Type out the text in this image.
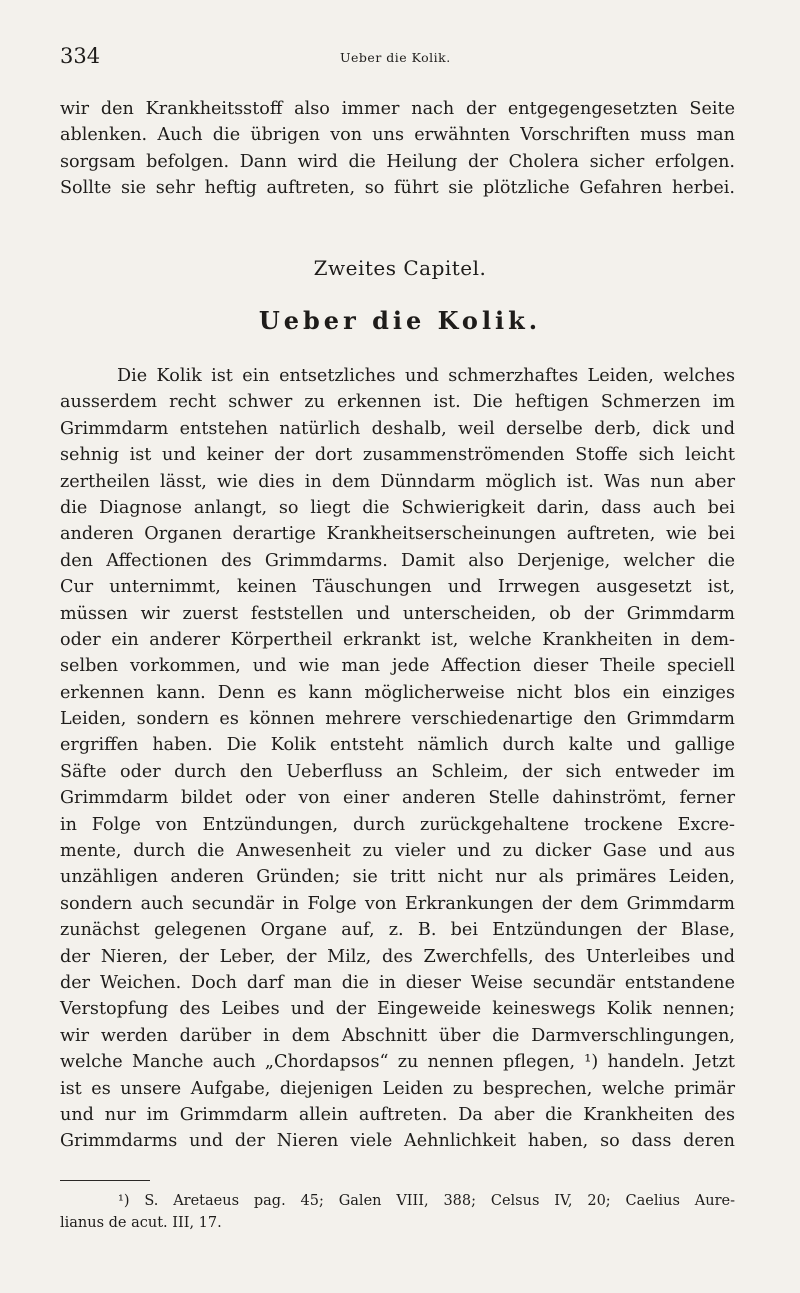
334	Ueber die Kolik.
wir den Krankheitsstoff also immer nach der entgegengesetzten Seite
ablenken. Auch die übrigen von uns erwähnten Vorschriften muss man
sorgsam befolgen. Dann wird die Heilung der Cholera sicher erfolgen.
Sollte sie sehr heftig auftreten, so führt sie plötzliche Gefahren herbei.
Zweites Capitel.
Ueber die Kolik.
Die Kolik ist ein entsetzliches und schmerzhaftes Leiden, welches
ausserdem recht schwer zu erkennen ist. Die heftigen Schmerzen im
Grimmdarm entstehen natürlich deshalb, weil derselbe derb, dick und
sehnig ist und keiner der dort zusammenströmenden Stoffe sich leicht
zertheilen lässt, wie dies in dem Dünndarm möglich ist. Was nun aber
die Diagnose anlangt, so liegt die Schwierigkeit darin, dass auch bei
anderen Organen derartige Krankheitserscheinungen auftreten, wie bei
den Affectionen des Grimmdarms. Damit also Derjenige, welcher die
Cur unternimmt, keinen Täuschungen und Irrwegen ausgesetzt ist,
müssen wir zuerst feststellen und unterscheiden, ob der Grimmdarm
oder ein anderer Körpertheil erkrankt ist, welche Krankheiten in dem-
selben vorkommen, und wie man jede Affection dieser Theile speciell
erkennen kann. Denn es kann möglicherweise nicht blos ein einziges
Leiden, sondern es können mehrere verschiedenartige den Grimmdarm
ergriffen haben. Die Kolik entsteht nämlich durch kalte und gallige
Säfte oder durch den Ueberfluss an Schleim, der sich entweder im
Grimmdarm bildet oder von einer anderen Stelle dahinströmt, ferner
in Folge von Entzündungen, durch zurückgehaltene trockene Excre-
mente, durch die Anwesenheit zu vieler und zu dicker Gase und aus
unzähligen anderen Gründen; sie tritt nicht nur als primäres Leiden,
sondern auch secundär in Folge von Erkrankungen der dem Grimmdarm
zunächst gelegenen Organe auf, z. B. bei Entzündungen der Blase,
der Nieren, der Leber, der Milz, des Zwerchfells, des Unterleibes und
der Weichen. Doch darf man die in dieser Weise secundär entstandene
Verstopfung des Leibes und der Eingeweide keineswegs Kolik nennen;
wir werden darüber in dem Abschnitt über die Darmverschlingungen,
welche Manche auch „Chordapsos“ zu nennen pflegen, ¹) handeln. Jetzt
ist es unsere Aufgabe, diejenigen Leiden zu besprechen, welche primär
und nur im Grimmdarm allein auftreten. Da aber die Krankheiten des
Grimmdarms und der Nieren viele Aehnlichkeit haben, so dass deren
¹) S. Aretaeus pag. 45; Galen VIII, 388; Celsus IV, 20; Caelius Aure-
lianus de acut. III, 17.
